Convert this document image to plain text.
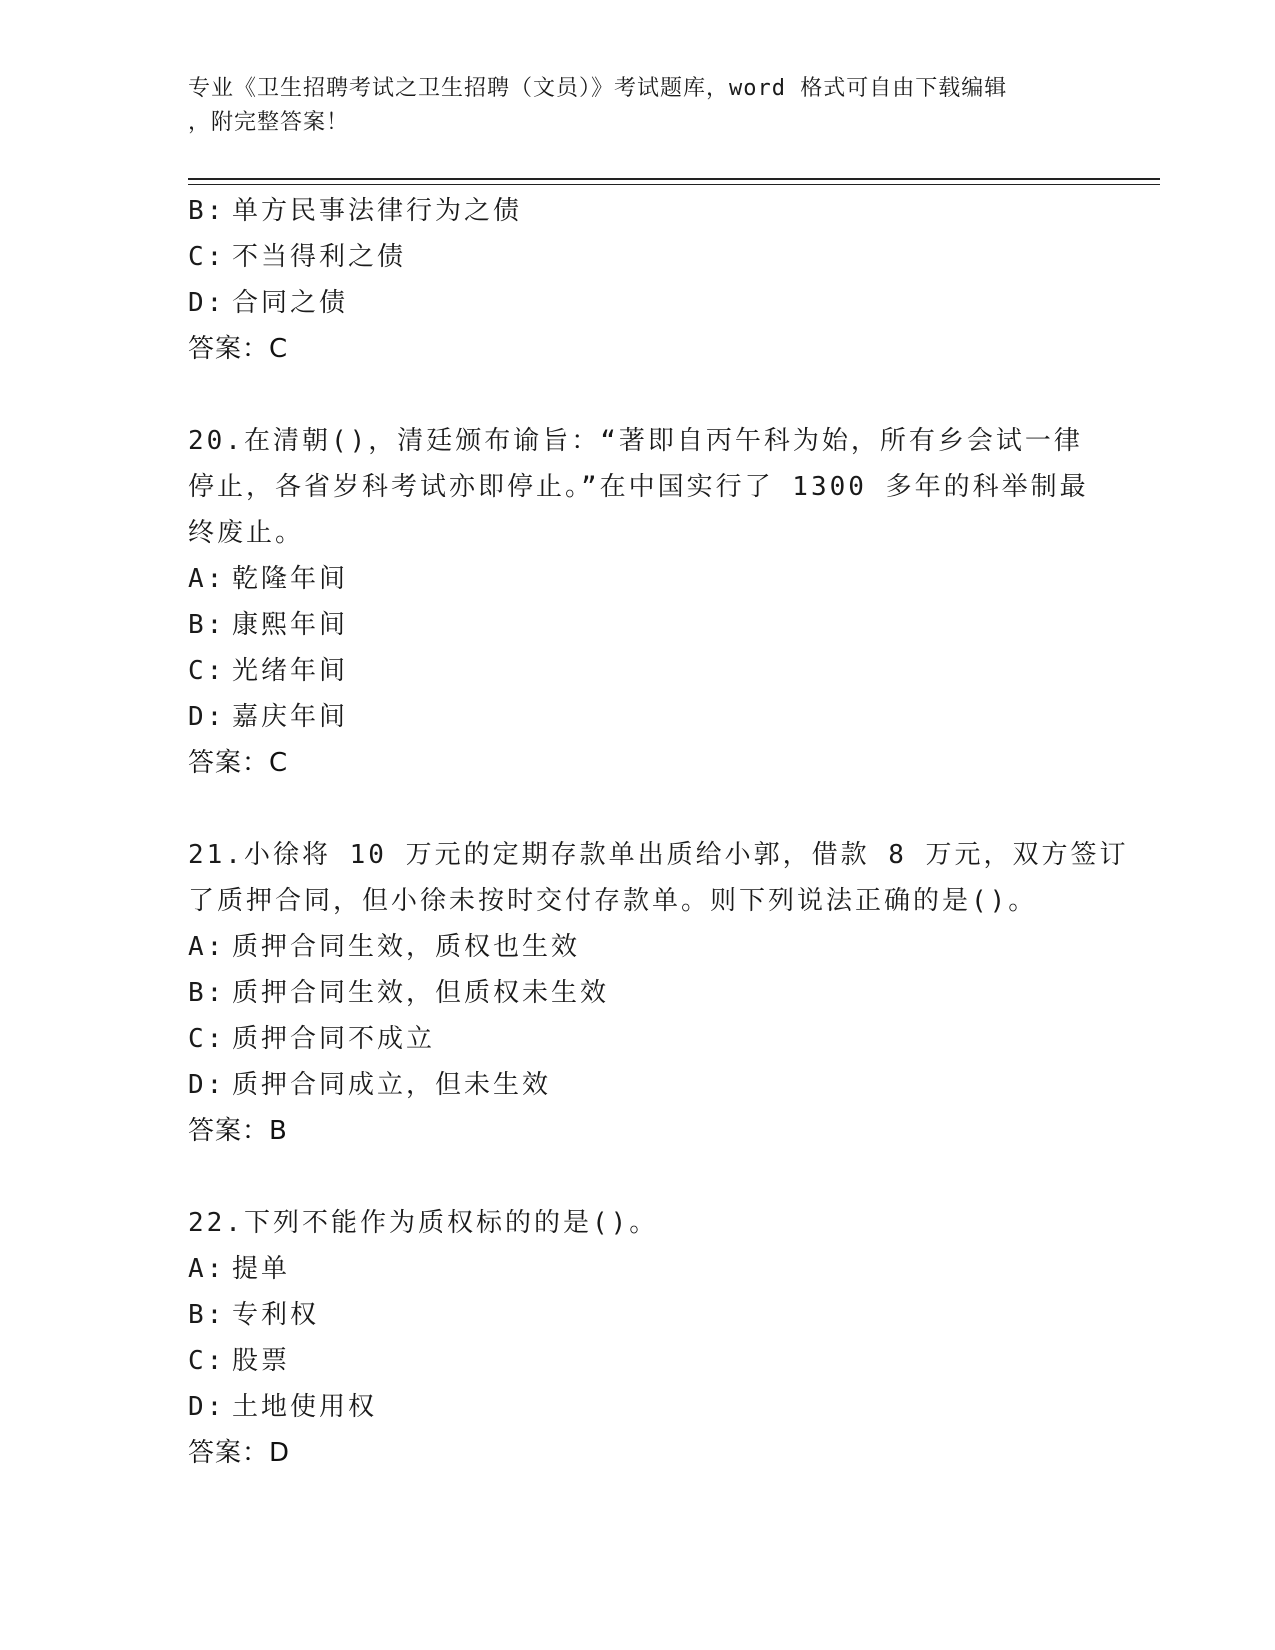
专业《卫生招聘考试之卫生招聘（文员）》考试题库，word 格式可自由下载编辑
，附完整答案！
B: 单方民事法律行为之债
C: 不当得利之债
D: 合同之债
答案：C
20.在清朝()，清廷颁布谕旨：“著即自丙午科为始，所有乡会试一律
停止，各省岁科考试亦即停止。”在中国实行了 1300 多年的科举制最
终废止。
A: 乾隆年间
B: 康熙年间
C: 光绪年间
D: 嘉庆年间
答案：C
21.小徐将 10 万元的定期存款单出质给小郭，借款 8 万元，双方签订
了质押合同，但小徐未按时交付存款单。则下列说法正确的是()。
A: 质押合同生效，质权也生效
B: 质押合同生效，但质权未生效
C: 质押合同不成立
D: 质押合同成立，但未生效
答案：B
22.下列不能作为质权标的的是()。
A: 提单
B: 专利权
C: 股票
D: 土地使用权
答案：D
